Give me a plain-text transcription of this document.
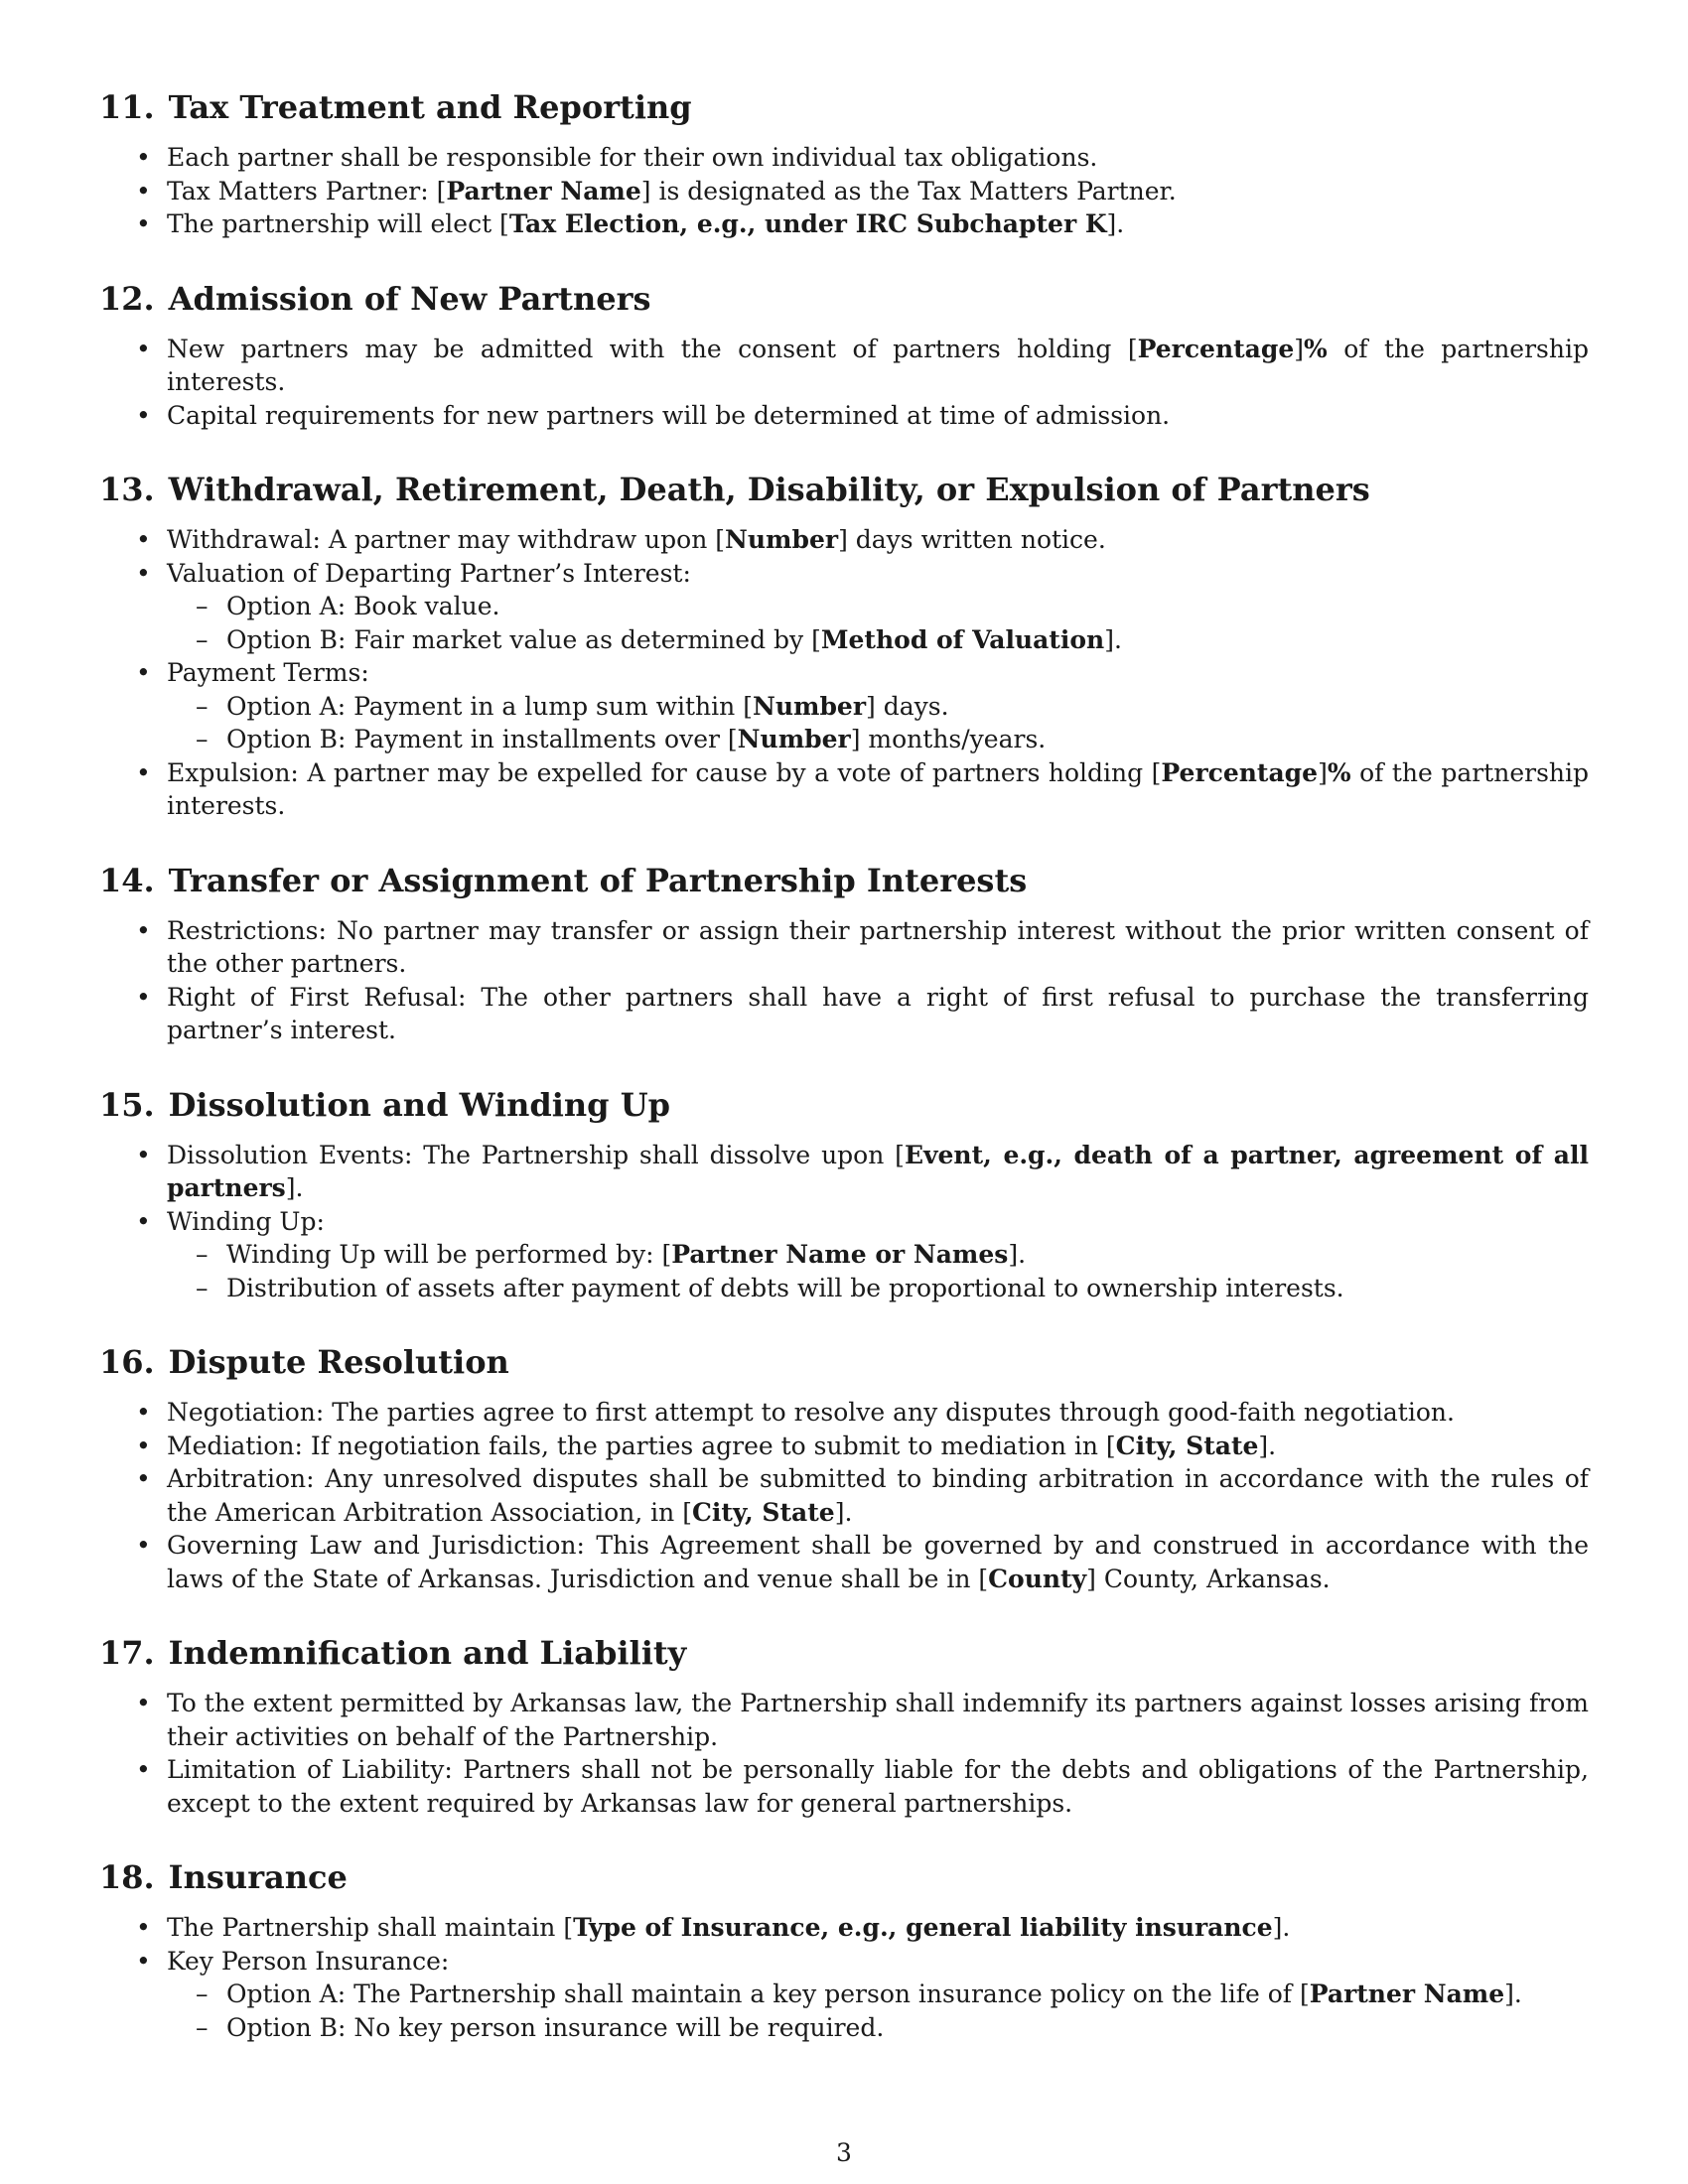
11. Tax Treatment and Reporting
• Each partner shall be responsible for their own individual tax obligations.
• Tax Matters Partner: [Partner Name] is designated as the Tax Matters Partner.
• The partnership will elect [Tax Election, e.g., under IRC Subchapter K].
12. Admission of New Partners
• New partners may be admitted with the consent of partners holding [Percentage]% of the partnership interests.
• Capital requirements for new partners will be determined at time of admission.
13. Withdrawal, Retirement, Death, Disability, or Expulsion of Partners
• Withdrawal: A partner may withdraw upon [Number] days written notice.
• Valuation of Departing Partner’s Interest:
– Option A: Book value.
– Option B: Fair market value as determined by [Method of Valuation].
• Payment Terms:
– Option A: Payment in a lump sum within [Number] days.
– Option B: Payment in installments over [Number] months/years.
• Expulsion: A partner may be expelled for cause by a vote of partners holding [Percentage]% of the partnership interests.
14. Transfer or Assignment of Partnership Interests
• Restrictions: No partner may transfer or assign their partnership interest without the prior written consent of the other partners.
• Right of First Refusal: The other partners shall have a right of first refusal to purchase the transferring partner’s interest.
15. Dissolution and Winding Up
• Dissolution Events: The Partnership shall dissolve upon [Event, e.g., death of a partner, agreement of all partners].
• Winding Up:
– Winding Up will be performed by: [Partner Name or Names].
– Distribution of assets after payment of debts will be proportional to ownership interests.
16. Dispute Resolution
• Negotiation: The parties agree to first attempt to resolve any disputes through good-faith negotiation.
• Mediation: If negotiation fails, the parties agree to submit to mediation in [City, State].
• Arbitration: Any unresolved disputes shall be submitted to binding arbitration in accordance with the rules of the American Arbitration Association, in [City, State].
• Governing Law and Jurisdiction: This Agreement shall be governed by and construed in accordance with the laws of the State of Arkansas. Jurisdiction and venue shall be in [County] County, Arkansas.
17. Indemnification and Liability
• To the extent permitted by Arkansas law, the Partnership shall indemnify its partners against losses arising from their activities on behalf of the Partnership.
• Limitation of Liability: Partners shall not be personally liable for the debts and obligations of the Partnership, except to the extent required by Arkansas law for general partnerships.
18. Insurance
• The Partnership shall maintain [Type of Insurance, e.g., general liability insurance].
• Key Person Insurance:
– Option A: The Partnership shall maintain a key person insurance policy on the life of [Partner Name].
– Option B: No key person insurance will be required.
3
